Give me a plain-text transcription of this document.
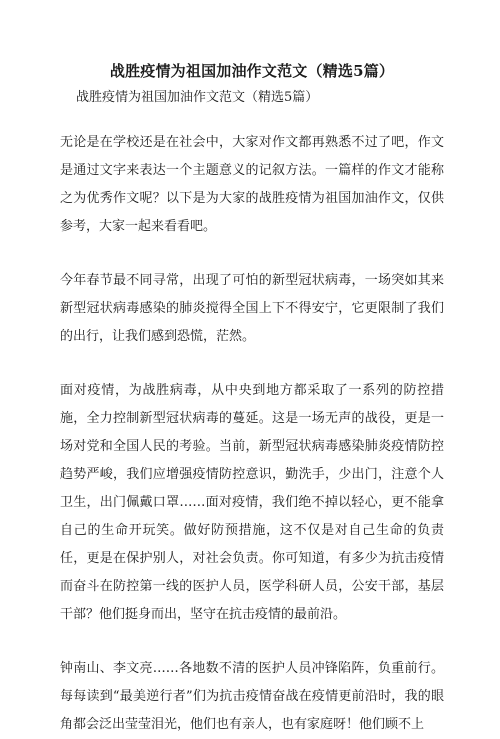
战胜疫情为祖国加油作文范文（精选5篇）
战胜疫情为祖国加油作文范文（精选5篇）

无论是在学校还是在社会中，大家对作文都再熟悉不过了吧，作文是通过文字来表达一个主题意义的记叙方法。一篇样的作文才能称之为优秀作文呢？以下是为大家的战胜疫情为祖国加油作文，仅供参考，大家一起来看看吧。

今年春节最不同寻常，出现了可怕的新型冠状病毒，一场突如其来新型冠状病毒感染的肺炎搅得全国上下不得安宁，它更限制了我们的出行，让我们感到恐慌，茫然。

面对疫情，为战胜病毒，从中央到地方都采取了一系列的防控措施，全力控制新型冠状病毒的蔓延。这是一场无声的战役，更是一场对党和全国人民的考验。当前，新型冠状病毒感染肺炎疫情防控趋势严峻，我们应增强疫情防控意识，勤洗手，少出门，注意个人卫生，出门佩戴口罩……面对疫情，我们绝不掉以轻心，更不能拿自己的生命开玩笑。做好防预措施，这不仅是对自己生命的负责任，更是在保护别人，对社会负责。你可知道，有多少为抗击疫情而奋斗在防控第一线的医护人员，医学科研人员，公安干部，基层干部？他们挺身而出，坚守在抗击疫情的最前沿。

钟南山、李文亮……各地数不清的医护人员冲锋陷阵，负重前行。每每读到“最美逆行者”们为抗击疫情奋战在疫情更前沿时，我的眼角都会泛出莹莹泪光，他们也有亲人，也有家庭呀！他们顾不上
